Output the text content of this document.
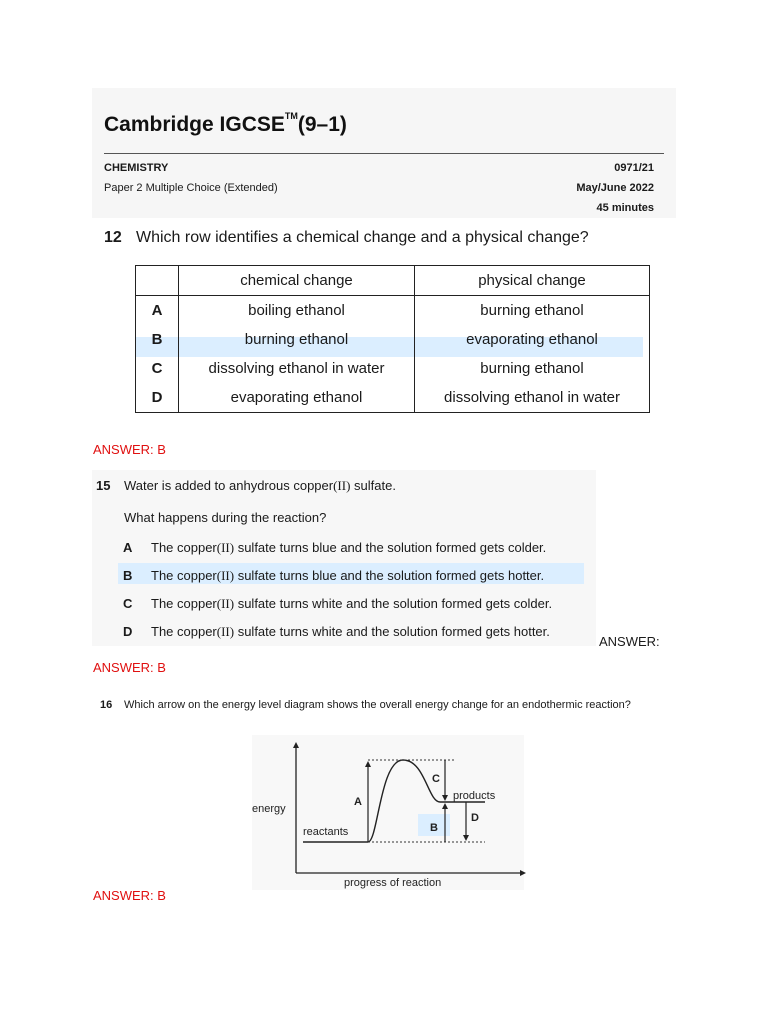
Cambridge IGCSE™(9–1)
CHEMISTRY	0971/21
Paper 2 Multiple Choice (Extended)	May/June 2022
45 minutes
12 Which row identifies a chemical change and a physical change?
	chemical change	physical change
A	boiling ethanol	burning ethanol
B	burning ethanol	evaporating ethanol
C	dissolving ethanol in water	burning ethanol
D	evaporating ethanol	dissolving ethanol in water
ANSWER: B
15 Water is added to anhydrous copper(II) sulfate.
What happens during the reaction?
A The copper(II) sulfate turns blue and the solution formed gets colder.
B The copper(II) sulfate turns blue and the solution formed gets hotter.
C The copper(II) sulfate turns white and the solution formed gets colder.
D The copper(II) sulfate turns white and the solution formed gets hotter.
ANSWER:
ANSWER: B
16 Which arrow on the energy level diagram shows the overall energy change for an endothermic reaction?
energy
progress of reaction
reactants
products
A
B
C
D
ANSWER: B
